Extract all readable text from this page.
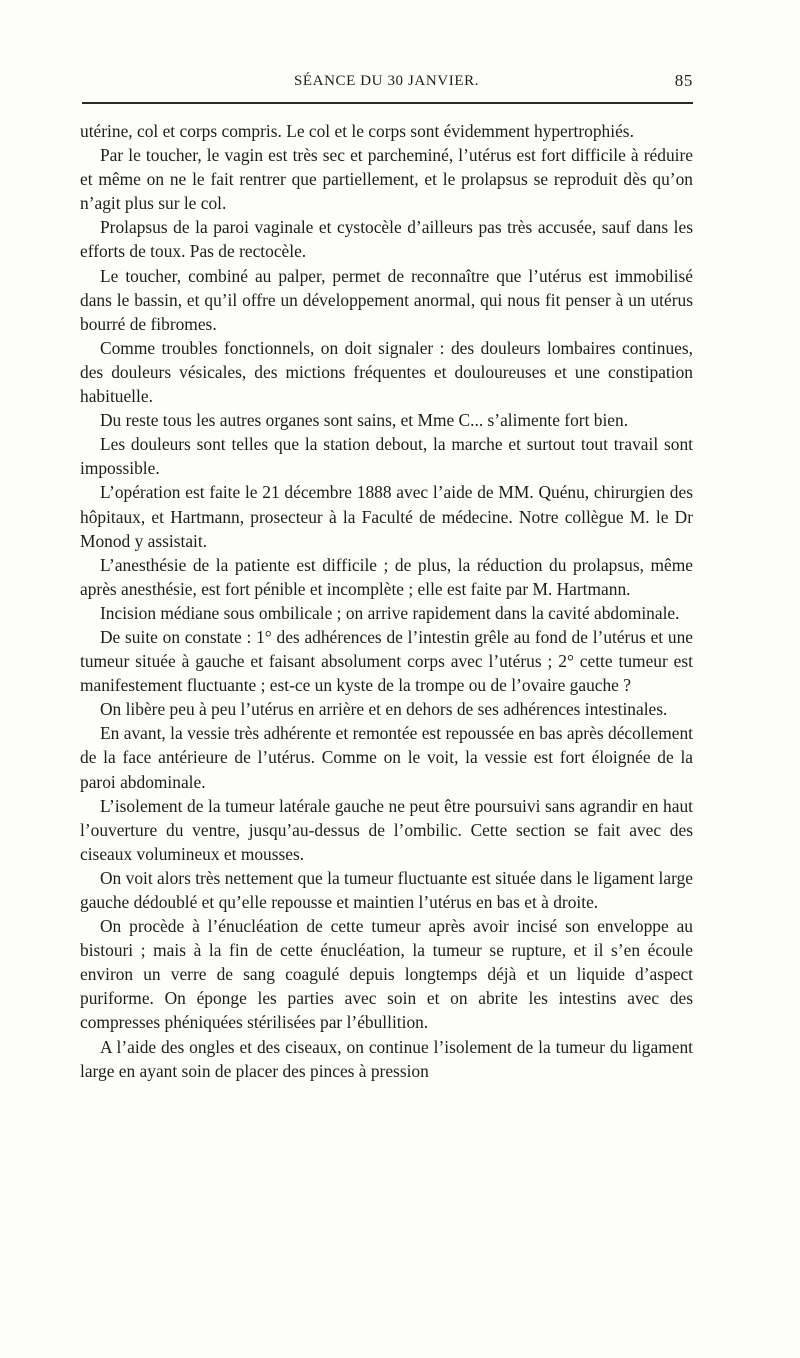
SÉANCE DU 30 JANVIER.	85

utérine, col et corps compris. Le col et le corps sont évidemment hypertrophiés.

Par le toucher, le vagin est très sec et parcheminé, l’utérus est fort difficile à réduire et même on ne le fait rentrer que partiellement, et le prolapsus se reproduit dès qu’on n’agit plus sur le col.

Prolapsus de la paroi vaginale et cystocèle d’ailleurs pas très accusée, sauf dans les efforts de toux. Pas de rectocèle.

Le toucher, combiné au palper, permet de reconnaître que l’utérus est immobilisé dans le bassin, et qu’il offre un développement anormal, qui nous fit penser à un utérus bourré de fibromes.

Comme troubles fonctionnels, on doit signaler : des douleurs lombaires continues, des douleurs vésicales, des mictions fréquentes et douloureuses et une constipation habituelle.

Du reste tous les autres organes sont sains, et Mme C... s’alimente fort bien.

Les douleurs sont telles que la station debout, la marche et surtout tout travail sont impossible.

L’opération est faite le 21 décembre 1888 avec l’aide de MM. Quénu, chirurgien des hôpitaux, et Hartmann, prosecteur à la Faculté de médecine. Notre collègue M. le Dr Monod y assistait.

L’anesthésie de la patiente est difficile ; de plus, la réduction du prolapsus, même après anesthésie, est fort pénible et incomplète ; elle est faite par M. Hartmann.

Incision médiane sous ombilicale ; on arrive rapidement dans la cavité abdominale.

De suite on constate : 1° des adhérences de l’intestin grêle au fond de l’utérus et une tumeur située à gauche et faisant absolument corps avec l’utérus ; 2° cette tumeur est manifestement fluctuante ; est-ce un kyste de la trompe ou de l’ovaire gauche ?

On libère peu à peu l’utérus en arrière et en dehors de ses adhérences intestinales.

En avant, la vessie très adhérente et remontée est repoussée en bas après décollement de la face antérieure de l’utérus. Comme on le voit, la vessie est fort éloignée de la paroi abdominale.

L’isolement de la tumeur latérale gauche ne peut être poursuivi sans agrandir en haut l’ouverture du ventre, jusqu’au-dessus de l’ombilic. Cette section se fait avec des ciseaux volumineux et mousses.

On voit alors très nettement que la tumeur fluctuante est située dans le ligament large gauche dédoublé et qu’elle repousse et maintien l’utérus en bas et à droite.

On procède à l’énucléation de cette tumeur après avoir incisé son enveloppe au bistouri ; mais à la fin de cette énucléation, la tumeur se rupture, et il s’en écoule environ un verre de sang coagulé depuis longtemps déjà et un liquide d’aspect puriforme. On éponge les parties avec soin et on abrite les intestins avec des compresses phéniquées stérilisées par l’ébullition.

A l’aide des ongles et des ciseaux, on continue l’isolement de la tumeur du ligament large en ayant soin de placer des pinces à pression
